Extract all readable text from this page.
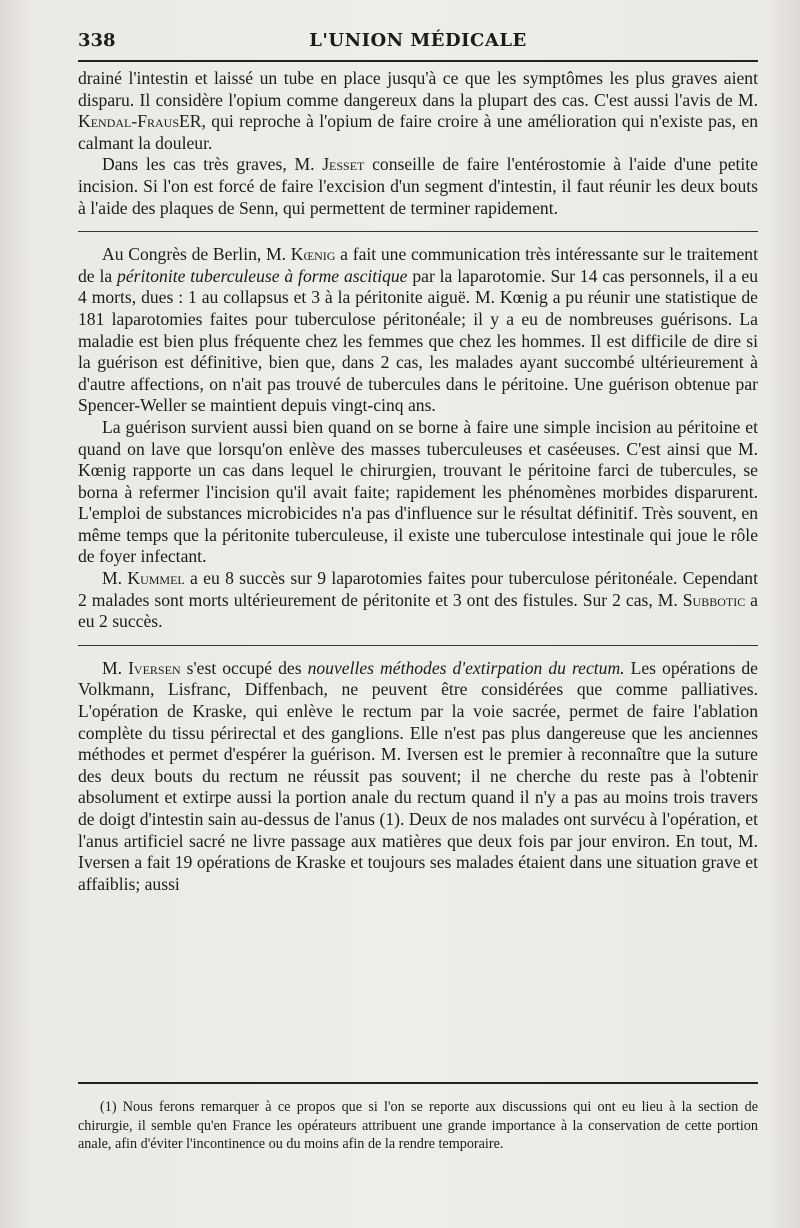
338	L'UNION MÉDICALE

drainé l'intestin et laissé un tube en place jusqu'à ce que les symptômes les plus graves aient disparu. Il considère l'opium comme dangereux dans la plupart des cas. C'est aussi l'avis de M. Kendal-FrausER, qui reproche à l'opium de faire croire à une amélioration qui n'existe pas, en calmant la douleur.

Dans les cas très graves, M. Jesset conseille de faire l'entérostomie à l'aide d'une petite incision. Si l'on est forcé de faire l'excision d'un segment d'intestin, il faut réunir les deux bouts à l'aide des plaques de Senn, qui permettent de terminer rapidement.

Au Congrès de Berlin, M. Kœnig a fait une communication très intéressante sur le traitement de la péritonite tuberculeuse à forme ascitique par la laparotomie. Sur 14 cas personnels, il a eu 4 morts, dues : 1 au collapsus et 3 à la péritonite aiguë. M. Kœnig a pu réunir une statistique de 181 laparotomies faites pour tuberculose péritonéale; il y a eu de nombreuses guérisons. La maladie est bien plus fréquente chez les femmes que chez les hommes. Il est difficile de dire si la guérison est définitive, bien que, dans 2 cas, les malades ayant succombé ultérieurement à d'autre affections, on n'ait pas trouvé de tubercules dans le péritoine. Une guérison obtenue par Spencer-Weller se maintient depuis vingt-cinq ans.

La guérison survient aussi bien quand on se borne à faire une simple incision au péritoine et quand on lave que lorsqu'on enlève des masses tuberculeuses et caséeuses. C'est ainsi que M. Kœnig rapporte un cas dans lequel le chirurgien, trouvant le péritoine farci de tubercules, se borna à refermer l'incision qu'il avait faite; rapidement les phénomènes morbides disparurent. L'emploi de substances microbicides n'a pas d'influence sur le résultat définitif. Très souvent, en même temps que la péritonite tuberculeuse, il existe une tuberculose intestinale qui joue le rôle de foyer infectant.

M. Kummel a eu 8 succès sur 9 laparotomies faites pour tuberculose péritonéale. Cependant 2 malades sont morts ultérieurement de péritonite et 3 ont des fistules. Sur 2 cas, M. Subbotic a eu 2 succès.

M. Iversen s'est occupé des nouvelles méthodes d'extirpation du rectum. Les opérations de Volkmann, Lisfranc, Diffenbach, ne peuvent être considérées que comme palliatives. L'opération de Kraske, qui enlève le rectum par la voie sacrée, permet de faire l'ablation complète du tissu périrectal et des ganglions. Elle n'est pas plus dangereuse que les anciennes méthodes et permet d'espérer la guérison. M. Iversen est le premier à reconnaître que la suture des deux bouts du rectum ne réussit pas souvent; il ne cherche du reste pas à l'obtenir absolument et extirpe aussi la portion anale du rectum quand il n'y a pas au moins trois travers de doigt d'intestin sain au-dessus de l'anus (1). Deux de nos malades ont survécu à l'opération, et l'anus artificiel sacré ne livre passage aux matières que deux fois par jour environ. En tout, M. Iversen a fait 19 opérations de Kraske et toujours ses malades étaient dans une situation grave et affaiblis; aussi

(1) Nous ferons remarquer à ce propos que si l'on se reporte aux discussions qui ont eu lieu à la section de chirurgie, il semble qu'en France les opérateurs attribuent une grande importance à la conservation de cette portion anale, afin d'éviter l'incontinence ou du moins afin de la rendre temporaire.
